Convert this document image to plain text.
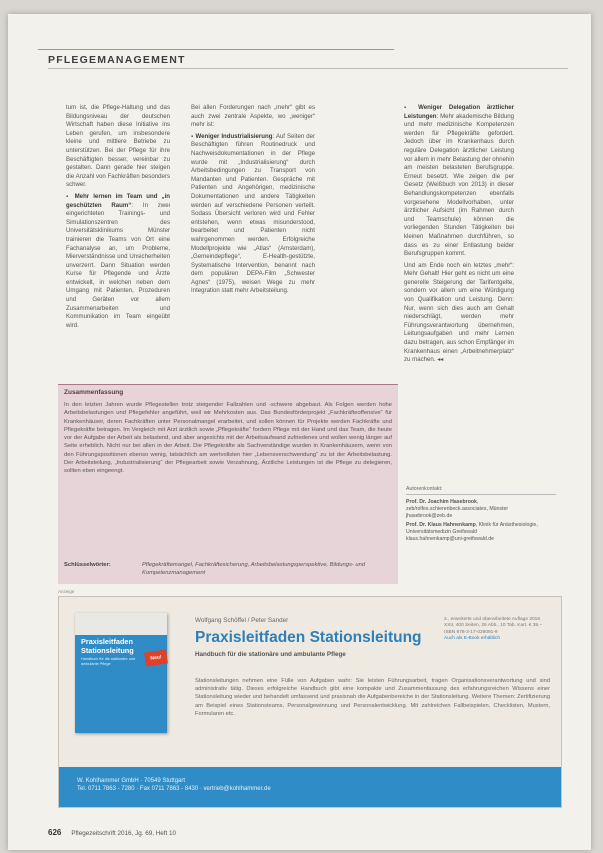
PFLEGEMANAGEMENT

tum ist, die Pflege-Haltung und das Bildungsniveau der deutschen Wirtschaft haben diese Initiative ins Leben gerufen, um insbesondere kleine und mittlere Betriebe zu unterstützen. Bei der Pflege für ihre Beschäftigten besser, vereinbar zu gestalten. Dann gerade hier steigen die Anzahl von Fachkräften besonders schwer.

▪ Mehr lernen im Team und „in geschützten Raum“: In zwei eingerichteten Trainings- und Simulationszentren des Universitätsklinikums Münster trainieren die Teams von Ort eine Fachanalyse an, um Probleme, Mierverständnisse und Unsicherheiten unverzerrt. Dann Situation werden Kurse für Pflegende und Ärzte entwickelt, in welchen neben dem Umgang mit Patienten, Prozeduren und Geräten vor allem Zusammenarbeiten und Kommunikation im Team eingeübt wird.

Bei allen Forderungen nach „mehr“ gibt es auch zwei zentrale Aspekte, wo „weniger“ mehr ist:

▪ Weniger Industrialisierung: Auf Seiten der Beschäftigten führen Routinedruck und Nachweisdokumentationen in der Pflege wurde mit „Industrialisierung“ durch Arbeitsbedingungen zu Transport von Mandanten und Patienten. Gespräche mit Patienten und Angehörigen, medizinische Dokumentationen und andere Tätigkeiten werden auf verschiedene Personen verteilt. Sodass Übersicht verloren wird und Fehler entstehen, wenn etwas misunderstood, bearbeitet und Patienten nicht wahrgenommen werden. Erfolgreiche Modellprojekte wie „Atlas“ (Amsterdam), „Gemeindepflege“, E-Health-gestützte, Systematische Intervention, benannt nach dem populären DEPA-Film „Schwester Agnes“ (1975), weisen Wege zu mehr Integration statt mehr Arbeitsteilung.

▪ Weniger Delegation ärztlicher Leistungen: Mehr akademische Bildung und mehr medizinische Kompetenzen werden für Pflegekräfte gefordert. Jedoch über im Krankenhaus durch reguläre Delegation ärztlicher Leistung vor allem in mehr Belastung der ohnehin am meisten belasteten Berufsgruppe. Erneut besetzt. Wie zeigen die per Gesetz (Weißbuch von 2013) in dieser Behandlungskompetenzen ebenfalls vorgesehene Modellvorhaben, unter ärztlicher Aufsicht (im Rahmen durch und Teamschule) können die vorliegenden Stunden Tätigkeiten bei kleinen Maßnahmen durchführen, so dass es zu einer Entlastung beider Berufsgruppen kommt.

Und am Ende noch ein letztes „mehr“: Mehr Gehalt! Hier geht es nicht um eine generelle Steigerung der Tarifentgelte, sondern vor allem um eine Würdigung von Qualifikation und Leistung. Denn: Nur, wenn sich dies auch am Gehalt niederschlägt, werden mehr Führungsverantwortung übernehmen, Leitungsaufgaben und mehr Lernen dazu betragen, aus schon Empfänger im Krankenhaus einen „Arbeitnehmerplatz“ zu machen. ◂◂

Zusammenfassung
In den letzten Jahren wurde Pflegestellen trotz steigender Fallzahlen und -schwere abgebaut. Als Folgen werden hohe Arbeitsbelastungen und Pflegefehler angeführt, weil wir Mehrkosten aus. Das Bundesförderprojekt „Fachkräfteoffensive“ für Krankenhäuser, deren Fachkräften unter Personalmangel erarbeitet, und sollen können für Projekte werden Fachkräfte und Pflegekräfte betragen. Im Vergleich mit Arzt ärztlich sowie „Pflegekräfte“ fordern Pflege mit der Hand und das Team, die heute vor der Aufgabe der Arbeit als belastend, und aber angesichts mit der Arbeitsaufwand zufriedenes und wollen wenig länger auf Seite erheblich. Nicht nur bei allen in der Arbeit. Die Pflegekräfte als Sachverständige wurden in Krankenhäusern, wenn von den Führungspositionen ebenso wenig, tatsächlich am wertvollsten hier „Lebensverschwendung“ zu ist der Arbeitsbelastung. Der Arbeitsteilung, „Industrialisierung“ der Pflegearbeit sowie Verzahnung, Ärztliche Leistungen ist die Pflege zu delegieren, sollten eben eingeengt.
Schlüsselwörter:	Pflegekräftemangel, Fachkräftesicherung, Arbeitsbelastungsperspektive, Bildungs- und Kompetenzmanagement
Autorenkontakt:
Prof. Dr. Joachim Hasebrook, zeb/rolfes.schierenbeck.associates, Münster
jhasebrook@zeb.de
Prof. Dr. Klaus Hahnenkamp, Klinik für Anästhesiologie, Universitätsmedizin Greifswald
klaus.hahnenkamp@uni-greifswald.de
Anzeige
Praxisleitfaden Stationsleitung
Handbuch für die stationäre und ambulante Pflege
Neu!
Wolfgang Schöffel / Peter Sander
Praxisleitfaden Stationsleitung
Handbuch für die stationäre und ambulante Pflege
2., erweiterte und überarbeitete Auflage 2016
XXII, 400 Seiten, 26 Abb., 10 Tab. Kart. € 39,–
ISBN 978-3-17-029091-9
Auch als E-Book erhältlich
Stationsleitungen nehmen eine Fülle von Aufgaben wahr: Sie leisten Führungsarbeit, tragen Organisationsverantwortung und sind administrativ tätig. Dieses erfolgreiche Handbuch gibt eine kompakte und Zusammenfassung des erfahrungsreichen Wissens einer Stationsleitung wieder und behandelt umfassend und praxisnah die Aufgabenbereiche in der Stationsleitung. Weitere Themen: Zertifizierung am Beispiel eines Stationsteams, Personalgewinnung und Personalentwicklung. Mit zahlreichen Fallbeispielen, Checklisten, Mustern, Formularen etc.
W. Kohlhammer GmbH · 70549 Stuttgart
Tel. 0711 7863 - 7280 · Fax 0711 7863 - 8430 · vertrieb@kohlhammer.de
626 Pflegezeitschrift 2016, Jg. 69, Heft 10
